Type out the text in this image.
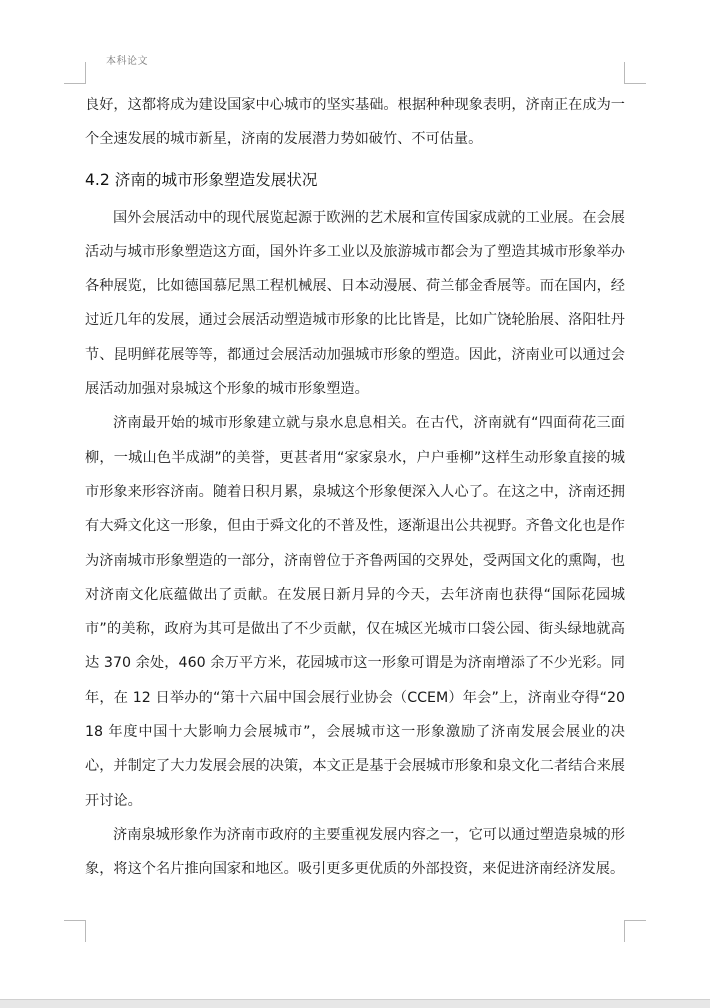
本科论文

良好，这都将成为建设国家中心城市的坚实基础。根据种种现象表明，济南正在成为一个全速发展的城市新星，济南的发展潜力势如破竹、不可估量。

4.2 济南的城市形象塑造发展状况

国外会展活动中的现代展览起源于欧洲的艺术展和宣传国家成就的工业展。在会展活动与城市形象塑造这方面，国外许多工业以及旅游城市都会为了塑造其城市形象举办各种展览，比如德国慕尼黑工程机械展、日本动漫展、荷兰郁金香展等。而在国内，经过近几年的发展，通过会展活动塑造城市形象的比比皆是，比如广饶轮胎展、洛阳牡丹节、昆明鲜花展等等，都通过会展活动加强城市形象的塑造。因此，济南业可以通过会展活动加强对泉城这个形象的城市形象塑造。

济南最开始的城市形象建立就与泉水息息相关。在古代，济南就有“四面荷花三面柳，一城山色半成湖”的美誉，更甚者用“家家泉水，户户垂柳”这样生动形象直接的城市形象来形容济南。随着日积月累，泉城这个形象便深入人心了。在这之中，济南还拥有大舜文化这一形象，但由于舜文化的不普及性，逐渐退出公共视野。齐鲁文化也是作为济南城市形象塑造的一部分，济南曾位于齐鲁两国的交界处，受两国文化的熏陶，也对济南文化底蕴做出了贡献。在发展日新月异的今天，去年济南也获得“国际花园城市”的美称，政府为其可是做出了不少贡献，仅在城区光城市口袋公园、街头绿地就高达 370 余处，460 余万平方米，花园城市这一形象可谓是为济南增添了不少光彩。同年，在 12 日举办的“第十六届中国会展行业协会（CCEM）年会”上，济南业夺得“2018 年度中国十大影响力会展城市”，会展城市这一形象激励了济南发展会展业的决心，并制定了大力发展会展的决策，本文正是基于会展城市形象和泉文化二者结合来展开讨论。

济南泉城形象作为济南市政府的主要重视发展内容之一，它可以通过塑造泉城的形象，将这个名片推向国家和地区。吸引更多更优质的外部投资，来促进济南经济发展。
